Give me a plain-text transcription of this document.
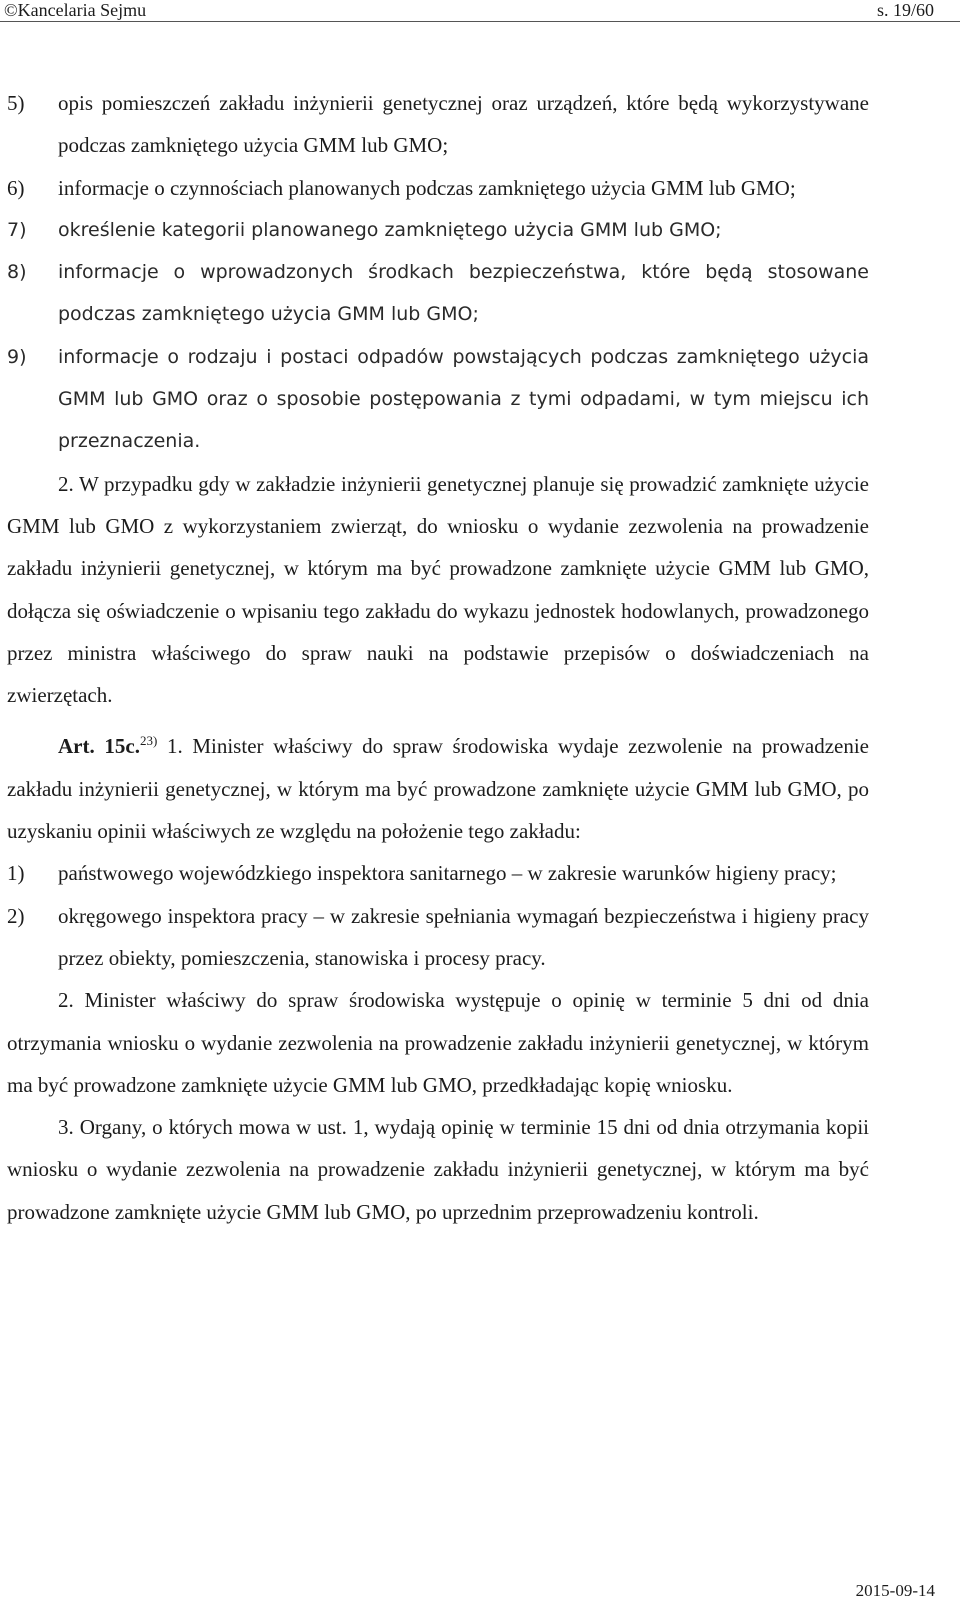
©Kancelaria Sejmu	s. 19/60
5)	opis pomieszczeń zakładu inżynierii genetycznej oraz urządzeń, które będą wykorzystywane podczas zamkniętego użycia GMM lub GMO;
6)	informacje o czynnościach planowanych podczas zamkniętego użycia GMM lub GMO;
7)	określenie kategorii planowanego zamkniętego użycia GMM lub GMO;
8)	informacje o wprowadzonych środkach bezpieczeństwa, które będą stosowane podczas zamkniętego użycia GMM lub GMO;
9)	informacje o rodzaju i postaci odpadów powstających podczas zamkniętego użycia GMM lub GMO oraz o sposobie postępowania z tymi odpadami, w tym miejscu ich przeznaczenia.

2. W przypadku gdy w zakładzie inżynierii genetycznej planuje się prowadzić zamknięte użycie GMM lub GMO z wykorzystaniem zwierząt, do wniosku o wydanie zezwolenia na prowadzenie zakładu inżynierii genetycznej, w którym ma być prowadzone zamknięte użycie GMM lub GMO, dołącza się oświadczenie o wpisaniu tego zakładu do wykazu jednostek hodowlanych, prowadzonego przez ministra właściwego do spraw nauki na podstawie przepisów o doświadczeniach na zwierzętach.

Art. 15c.$^{23)}$ 1. Minister właściwy do spraw środowiska wydaje zezwolenie na prowadzenie zakładu inżynierii genetycznej, w którym ma być prowadzone zamknięte użycie GMM lub GMO, po uzyskaniu opinii właściwych ze względu na położenie tego zakładu:

1)	państwowego wojewódzkiego inspektora sanitarnego – w zakresie warunków higieny pracy;
2)	okręgowego inspektora pracy – w zakresie spełniania wymagań bezpieczeństwa i higieny pracy przez obiekty, pomieszczenia, stanowiska i procesy pracy.

2. Minister właściwy do spraw środowiska występuje o opinię w terminie 5 dni od dnia otrzymania wniosku o wydanie zezwolenia na prowadzenie zakładu inżynierii genetycznej, w którym ma być prowadzone zamknięte użycie GMM lub GMO, przedkładając kopię wniosku.

3. Organy, o których mowa w ust. 1, wydają opinię w terminie 15 dni od dnia otrzymania kopii wniosku o wydanie zezwolenia na prowadzenie zakładu inżynierii genetycznej, w którym ma być prowadzone zamknięte użycie GMM lub GMO, po uprzednim przeprowadzeniu kontroli.

2015-09-14
